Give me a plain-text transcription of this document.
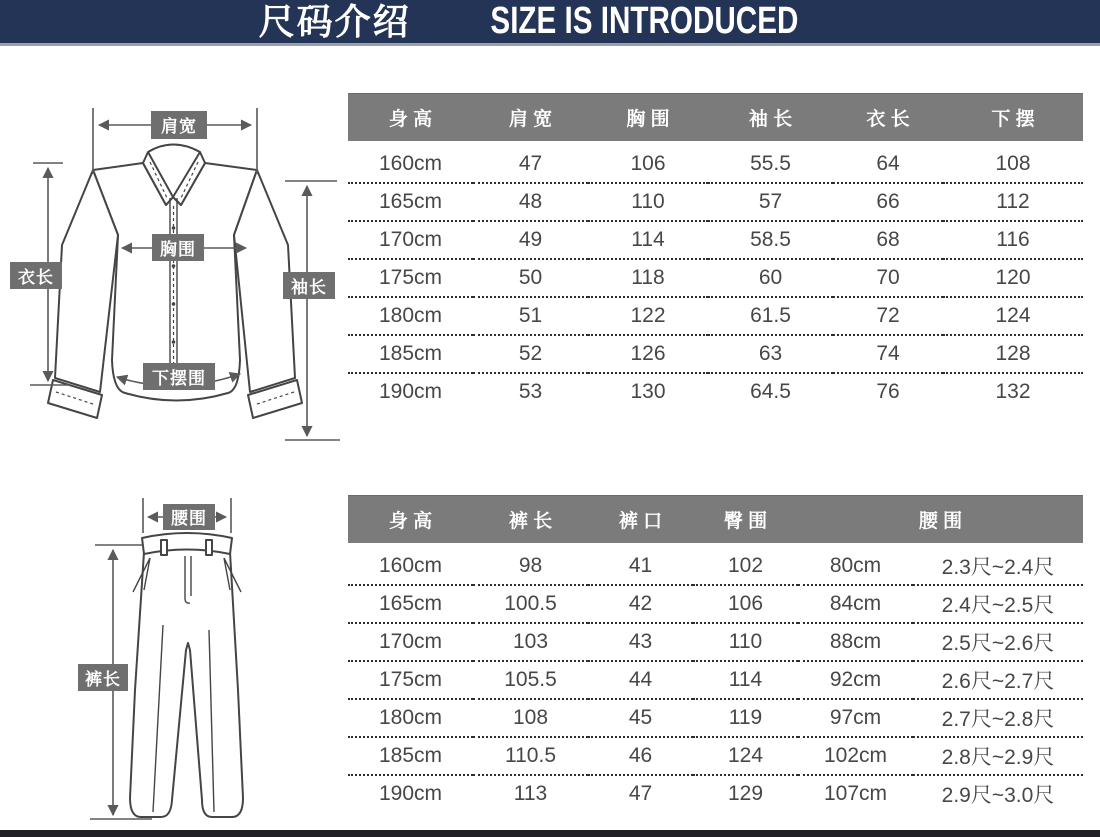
尺码介绍 SIZE IS INTRODUCED
肩宽
胸围
衣长
袖长
下摆围
腰围
裤长
身 高	肩 宽	胸 围	袖 长	衣 长	下 摆
160cm	47	106	55.5	64	108
165cm	48	110	57	66	112
170cm	49	114	58.5	68	116
175cm	50	118	60	70	120
180cm	51	122	61.5	72	124
185cm	52	126	63	74	128
190cm	53	130	64.5	76	132
身 高	裤 长	裤 口	臀 围	腰 围	
160cm	98	41	102	80cm	2.3尺~2.4尺
165cm	100.5	42	106	84cm	2.4尺~2.5尺
170cm	103	43	110	88cm	2.5尺~2.6尺
175cm	105.5	44	114	92cm	2.6尺~2.7尺
180cm	108	45	119	97cm	2.7尺~2.8尺
185cm	110.5	46	124	102cm	2.8尺~2.9尺
190cm	113	47	129	107cm	2.9尺~3.0尺
